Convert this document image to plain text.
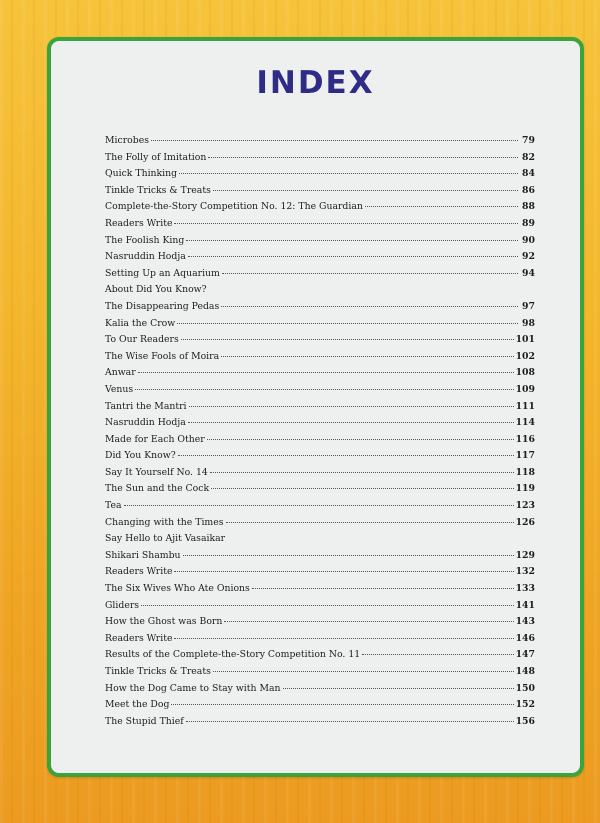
INDEX
Microbes	79
The Folly of Imitation	82
Quick Thinking	84
Tinkle Tricks & Treats	86
Complete-the-Story Competition No. 12: The Guardian	88
Readers Write	89
The Foolish King	90
Nasruddin Hodja	92
Setting Up an Aquarium	94
About Did You Know?
The Disappearing Pedas	97
Kalia the Crow	98
To Our Readers	101
The Wise Fools of Moira	102
Anwar	108
Venus	109
Tantri the Mantri	111
Nasruddin Hodja	114
Made for Each Other	116
Did You Know?	117
Say It Yourself No. 14	118
The Sun and the Cock	119
Tea	123
Changing with the Times	126
Say Hello to Ajit Vasaikar
Shikari Shambu	129
Readers Write	132
The Six Wives Who Ate Onions	133
Gliders	141
How the Ghost was Born	143
Readers Write	146
Results of the Complete-the-Story Competition No. 11	147
Tinkle Tricks & Treats	148
How the Dog Came to Stay with Man	150
Meet the Dog	152
The Stupid Thief	156
